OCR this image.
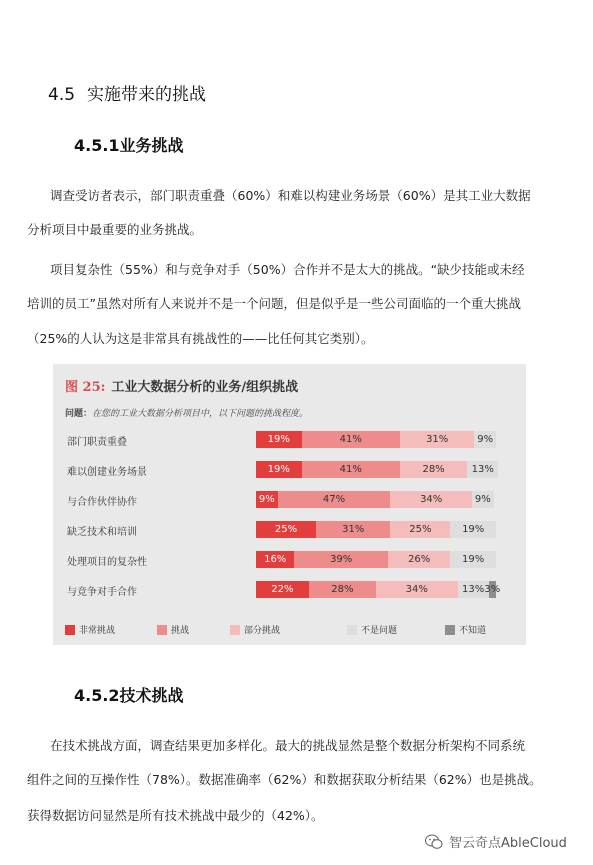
4.5 实施带来的挑战
4.5.1业务挑战
调查受访者表示，部门职责重叠（60%）和难以构建业务场景（60%）是其工业大数据
分析项目中最重要的业务挑战。
项目复杂性（55%）和与竞争对手（50%）合作并不是太大的挑战。“缺少技能或未经
培训的员工”虽然对所有人来说并不是一个问题，但是似乎是一些公司面临的一个重大挑战
（25%的人认为这是非常具有挑战性的——比任何其它类别）。
图 25: 工业大数据分析的业务/组织挑战
问题：在您的工业大数据分析项目中，以下问题的挑战程度。
部门职责重叠	19%	41%	31%	9%
难以创建业务场景	19%	41%	28%	13%
与合作伙伴协作	9%	47%	34%	9%
缺乏技术和培训	25%	31%	25%	19%
处理项目的复杂性	16%	39%	26%	19%
与竞争对手合作	22%	28%	34%	13% 3%
非常挑战	挑战	部分挑战	不是问题	不知道
4.5.2技术挑战
在技术挑战方面，调查结果更加多样化。最大的挑战显然是整个数据分析架构不同系统
组件之间的互操作性（78%）。数据准确率（62%）和数据获取分析结果（62%）也是挑战。
获得数据访问显然是所有技术挑战中最少的（42%）。
智云奇点AbleCloud
